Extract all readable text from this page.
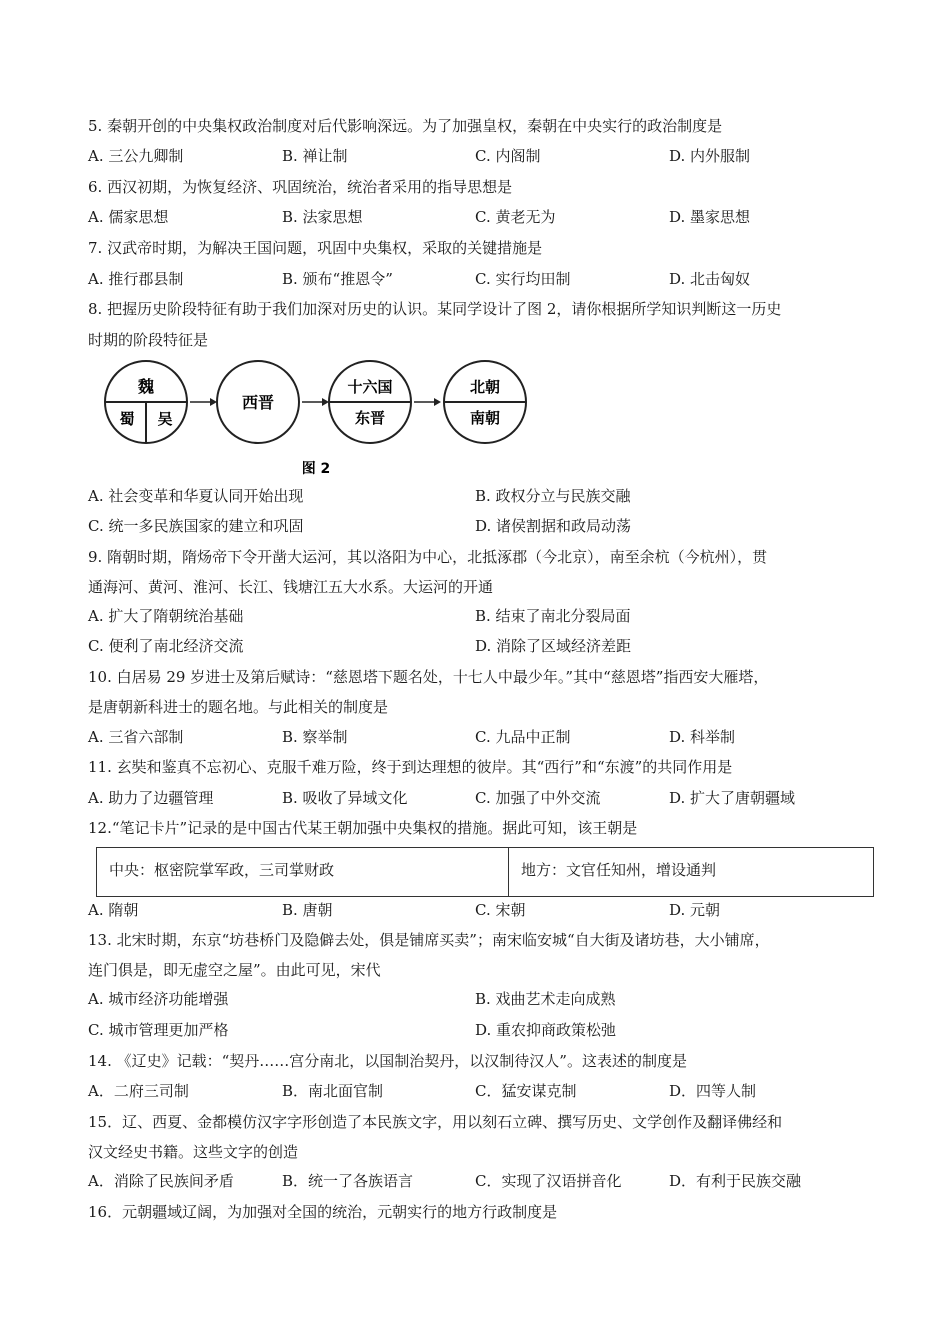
5. 秦朝开创的中央集权政治制度对后代影响深远。为了加强皇权，秦朝在中央实行的政治制度是
A. 三公九卿制	B. 禅让制	C. 内阁制	D. 内外服制
6. 西汉初期，为恢复经济、巩固统治，统治者采用的指导思想是
A. 儒家思想	B. 法家思想	C. 黄老无为	D. 墨家思想
7. 汉武帝时期，为解决王国问题，巩固中央集权，采取的关键措施是
A. 推行郡县制	B. 颁布“推恩令”	C. 实行均田制	D. 北击匈奴
8. 把握历史阶段特征有助于我们加深对历史的认识。某同学设计了图 2，请你根据所学知识判断这一历史
时期的阶段特征是
魏
蜀 吴
西晋
十六国
东晋
北朝
南朝
图 2
A. 社会变革和华夏认同开始出现	B. 政权分立与民族交融
C. 统一多民族国家的建立和巩固	D. 诸侯割据和政局动荡
9. 隋朝时期，隋炀帝下令开凿大运河，其以洛阳为中心，北抵涿郡（今北京），南至余杭（今杭州），贯
通海河、黄河、淮河、长江、钱塘江五大水系。大运河的开通
A. 扩大了隋朝统治基础	B. 结束了南北分裂局面
C. 便利了南北经济交流	D. 消除了区域经济差距
10. 白居易 29 岁进士及第后赋诗：“慈恩塔下题名处，十七人中最少年。”其中“慈恩塔”指西安大雁塔，
是唐朝新科进士的题名地。与此相关的制度是
A. 三省六部制	B. 察举制	C. 九品中正制	D. 科举制
11. 玄奘和鉴真不忘初心、克服千难万险，终于到达理想的彼岸。其“西行”和“东渡”的共同作用是
A. 助力了边疆管理	B. 吸收了异域文化	C. 加强了中外交流	D. 扩大了唐朝疆域
12.“笔记卡片”记录的是中国古代某王朝加强中央集权的措施。据此可知，该王朝是
中央：枢密院掌军政，三司掌财政	地方：文官任知州，增设通判
A. 隋朝	B. 唐朝	C. 宋朝	D. 元朝
13. 北宋时期，东京“坊巷桥门及隐僻去处，俱是铺席买卖”；南宋临安城“自大街及诸坊巷，大小铺席，
连门俱是，即无虚空之屋”。由此可见，宋代
A. 城市经济功能增强	B. 戏曲艺术走向成熟
C. 城市管理更加严格	D. 重农抑商政策松弛
14. 《辽史》记载：“契丹……宫分南北，以国制治契丹，以汉制待汉人”。这表述的制度是
A．二府三司制	B．南北面官制	C．猛安谋克制	D．四等人制
15．辽、西夏、金都模仿汉字字形创造了本民族文字，用以刻石立碑、撰写历史、文学创作及翻译佛经和
汉文经史书籍。这些文字的创造
A．消除了民族间矛盾	B．统一了各族语言	C．实现了汉语拼音化	D．有利于民族交融
16．元朝疆域辽阔，为加强对全国的统治，元朝实行的地方行政制度是
